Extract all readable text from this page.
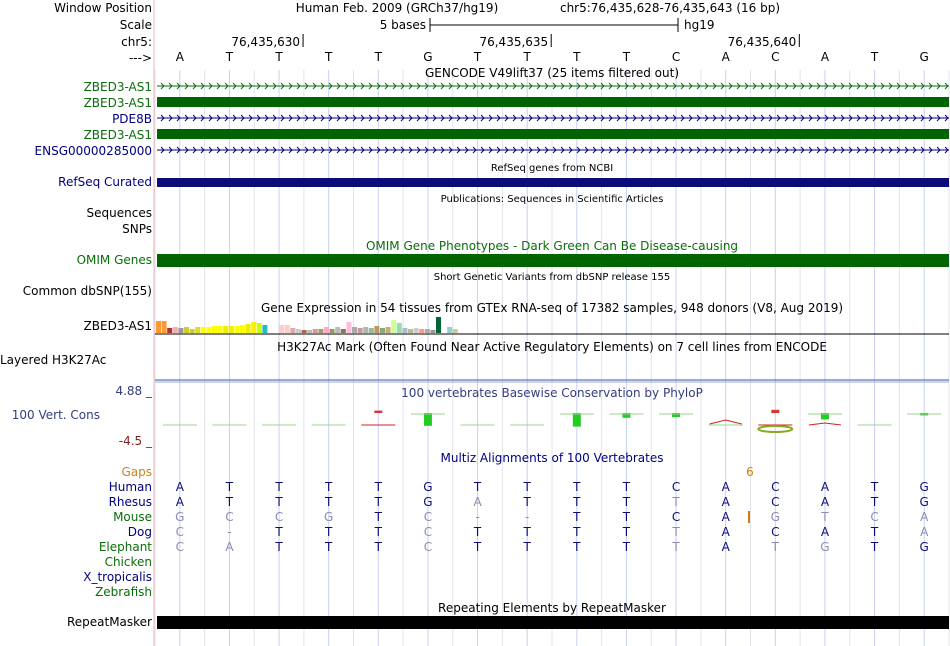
Human Feb. 2009 (GRCh37/hg19)	chr5:76,435,628-76,435,643 (16 bp)
5 bases	hg19
76,435,630	76,435,635	76,435,640
A	T	T	T	T	G	T	T	T	T	C	A	C	A	T	G
GENCODE V49lift37 (25 items filtered out)
RefSeq genes from NCBI
Publications: Sequences in Scientific Articles
OMIM Gene Phenotypes - Dark Green Can Be Disease-causing
Short Genetic Variants from dbSNP release 155
Gene Expression in 54 tissues from GTEx RNA-seq of 17382 samples, 948 donors (V8, Aug 2019)
H3K27Ac Mark (Often Found Near Active Regulatory Elements) on 7 cell lines from ENCODE
100 vertebrates Basewise Conservation by PhyloP
Multiz Alignments of 100 Vertebrates
6
A	T	T	T	T	G	T	T	T	T	C	A	C	A	T	G
A	T	T	T	T	G	A	T	T	T	T	A	C	A	T	G
G	C	C	G	T	C	-	-	T	T	C	A	G	T	C	A
C	-	T	T	T	C	T	T	T	T	T	A	C	A	T	A
C	A	T	T	T	C	T	T	T	T	T	A	T	G	T	G
Repeating Elements by RepeatMasker
Window Position
Scale
chr5:
--->
ZBED3-AS1
ZBED3-AS1
PDE8B
ZBED3-AS1
ENSG00000285000
RefSeq Curated
Sequences
SNPs
OMIM Genes
Common dbSNP(155)
ZBED3-AS1
Layered H3K27Ac
4.88 _
100 Vert. Cons
-4.5 _
Gaps
Human
Rhesus
Mouse
Dog
Elephant
Chicken
X_tropicalis
Zebrafish
RepeatMasker
